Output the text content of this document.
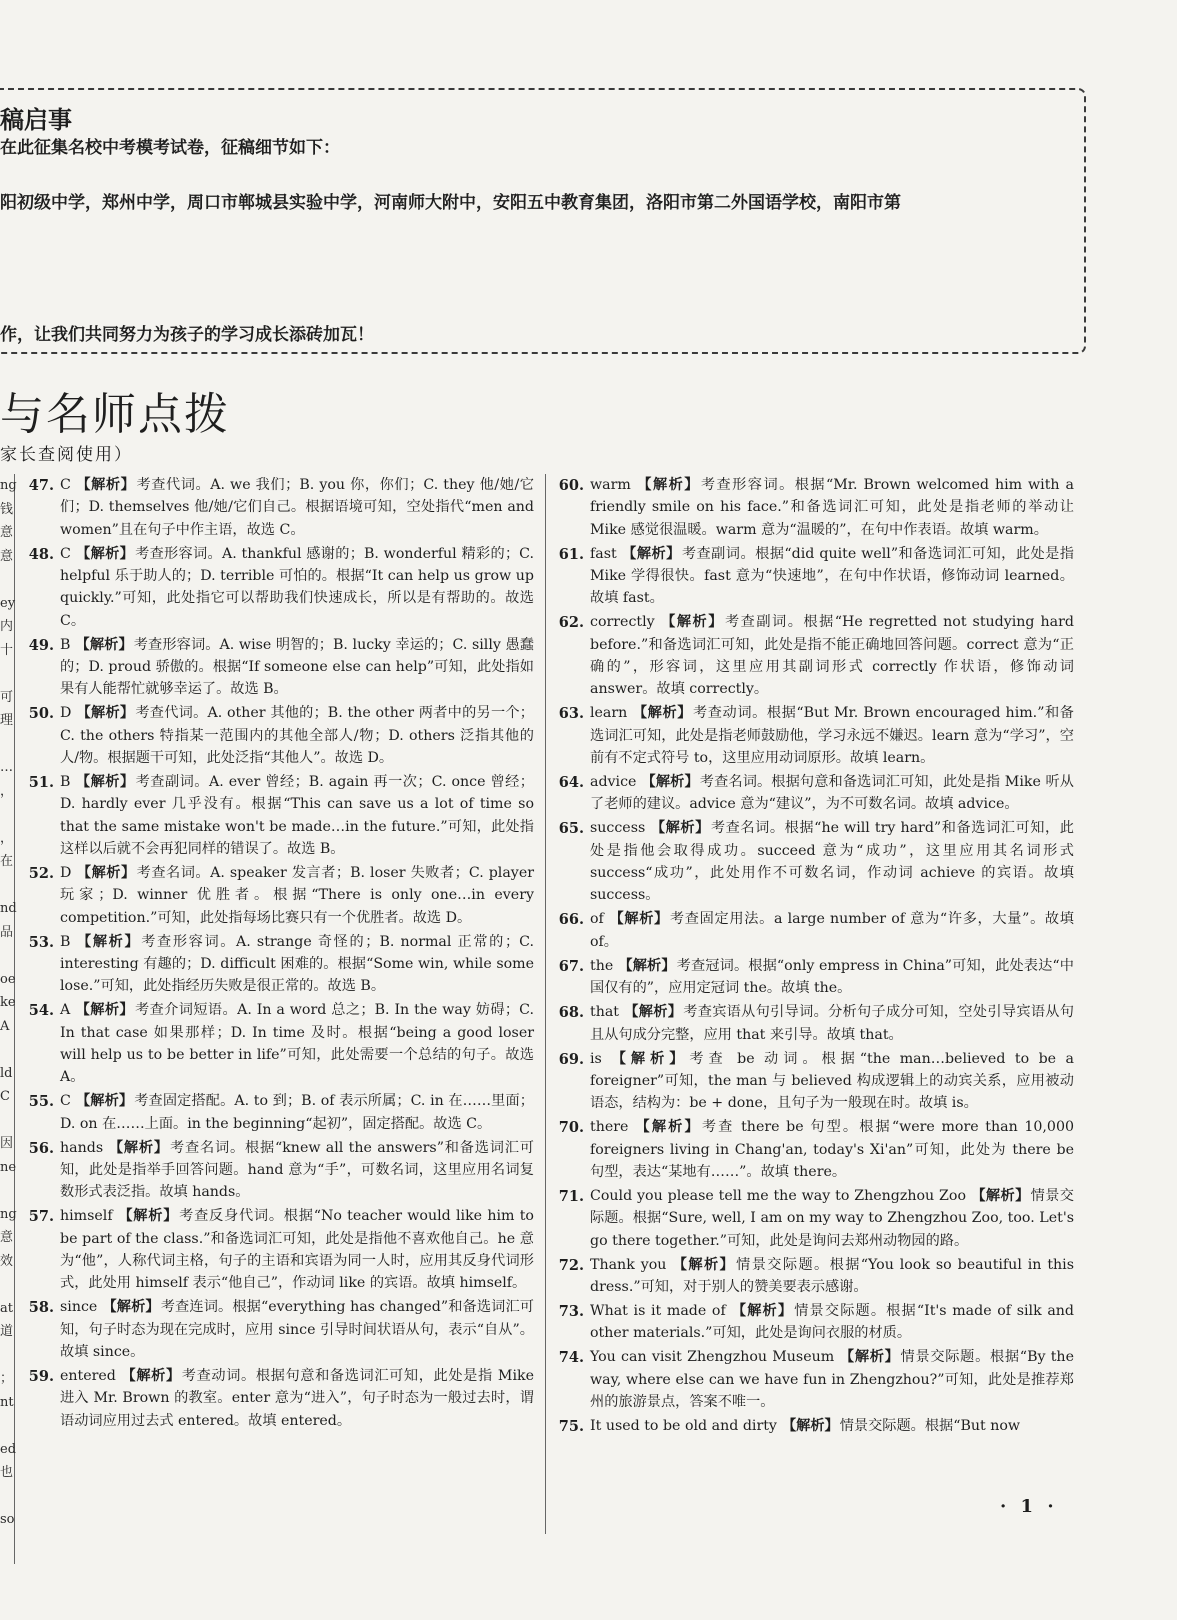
稿启事
在此征集名校中考模考试卷，征稿细节如下：
阳初级中学，郑州中学，周口市郸城县实验中学，河南师大附中，安阳五中教育集团，洛阳市第二外国语学校，南阳市第
作，让我们共同努力为孩子的学习成长添砖加瓦！
与名师点拨
家长查阅使用）
ng
钱
意
意
ey
内
十
可
理
…
，
，
在
nd
品
oe
ke
A
ld
C
因
ne
ng
意
效
at
道
；
nt
ed
也
so
47. C 【解析】考查代词。A. we 我们；B. you 你，你们；C. they 他/她/它们；D. themselves 他/她/它们自己。根据语境可知，空处指代“men and women”且在句子中作主语，故选 C。
48. C 【解析】考查形容词。A. thankful 感谢的；B. wonderful 精彩的；C. helpful 乐于助人的；D. terrible 可怕的。根据“It can help us grow up quickly.”可知，此处指它可以帮助我们快速成长，所以是有帮助的。故选 C。
49. B 【解析】考查形容词。A. wise 明智的；B. lucky 幸运的；C. silly 愚蠢的；D. proud 骄傲的。根据“If someone else can help”可知，此处指如果有人能帮忙就够幸运了。故选 B。
50. D 【解析】考查代词。A. other 其他的；B. the other 两者中的另一个；C. the others 特指某一范围内的其他全部人/物；D. others 泛指其他的人/物。根据题干可知，此处泛指“其他人”。故选 D。
51. B 【解析】考查副词。A. ever 曾经；B. again 再一次；C. once 曾经；D. hardly ever 几乎没有。根据“This can save us a lot of time so that the same mistake won't be made…in the future.”可知，此处指这样以后就不会再犯同样的错误了。故选 B。
52. D 【解析】考查名词。A. speaker 发言者；B. loser 失败者；C. player 玩家；D. winner 优胜者。根据“There is only one…in every competition.”可知，此处指每场比赛只有一个优胜者。故选 D。
53. B 【解析】考查形容词。A. strange 奇怪的；B. normal 正常的；C. interesting 有趣的；D. difficult 困难的。根据“Some win, while some lose.”可知，此处指经历失败是很正常的。故选 B。
54. A 【解析】考查介词短语。A. In a word 总之；B. In the way 妨碍；C. In that case 如果那样；D. In time 及时。根据“being a good loser will help us to be better in life”可知，此处需要一个总结的句子。故选 A。
55. C 【解析】考查固定搭配。A. to 到；B. of 表示所属；C. in 在……里面；D. on 在……上面。in the beginning“起初”，固定搭配。故选 C。
56. hands 【解析】考查名词。根据“knew all the answers”和备选词汇可知，此处是指举手回答问题。hand 意为“手”，可数名词，这里应用名词复数形式表泛指。故填 hands。
57. himself 【解析】考查反身代词。根据“No teacher would like him to be part of the class.”和备选词汇可知，此处是指他不喜欢他自己。he 意为“他”，人称代词主格，句子的主语和宾语为同一人时，应用其反身代词形式，此处用 himself 表示“他自己”，作动词 like 的宾语。故填 himself。
58. since 【解析】考查连词。根据“everything has changed”和备选词汇可知，句子时态为现在完成时，应用 since 引导时间状语从句，表示“自从”。故填 since。
59. entered 【解析】考查动词。根据句意和备选词汇可知，此处是指 Mike 进入 Mr. Brown 的教室。enter 意为“进入”，句子时态为一般过去时，谓语动词应用过去式 entered。故填 entered。
60. warm 【解析】考查形容词。根据“Mr. Brown welcomed him with a friendly smile on his face.”和备选词汇可知，此处是指老师的举动让 Mike 感觉很温暖。warm 意为“温暖的”，在句中作表语。故填 warm。
61. fast 【解析】考查副词。根据“did quite well”和备选词汇可知，此处是指 Mike 学得很快。fast 意为“快速地”，在句中作状语，修饰动词 learned。故填 fast。
62. correctly 【解析】考查副词。根据“He regretted not studying hard before.”和备选词汇可知，此处是指不能正确地回答问题。correct 意为“正确的”，形容词，这里应用其副词形式 correctly 作状语，修饰动词 answer。故填 correctly。
63. learn 【解析】考查动词。根据“But Mr. Brown encouraged him.”和备选词汇可知，此处是指老师鼓励他，学习永远不嫌迟。learn 意为“学习”，空前有不定式符号 to，这里应用动词原形。故填 learn。
64. advice 【解析】考查名词。根据句意和备选词汇可知，此处是指 Mike 听从了老师的建议。advice 意为“建议”，为不可数名词。故填 advice。
65. success 【解析】考查名词。根据“he will try hard”和备选词汇可知，此处是指他会取得成功。succeed 意为“成功”，这里应用其名词形式 success“成功”，此处用作不可数名词，作动词 achieve 的宾语。故填 success。
66. of 【解析】考查固定用法。a large number of 意为“许多，大量”。故填 of。
67. the 【解析】考查冠词。根据“only empress in China”可知，此处表达“中国仅有的”，应用定冠词 the。故填 the。
68. that 【解析】考查宾语从句引导词。分析句子成分可知，空处引导宾语从句且从句成分完整，应用 that 来引导。故填 that。
69. is 【解析】考查 be 动词。根据“the man…believed to be a foreigner”可知，the man 与 believed 构成逻辑上的动宾关系，应用被动语态，结构为：be + done，且句子为一般现在时。故填 is。
70. there 【解析】考查 there be 句型。根据“were more than 10,000 foreigners living in Chang'an, today's Xi'an”可知，此处为 there be 句型，表达“某地有……”。故填 there。
71. Could you please tell me the way to Zhengzhou Zoo 【解析】情景交际题。根据“Sure, well, I am on my way to Zhengzhou Zoo, too. Let's go there together.”可知，此处是询问去郑州动物园的路。
72. Thank you 【解析】情景交际题。根据“You look so beautiful in this dress.”可知，对于别人的赞美要表示感谢。
73. What is it made of 【解析】情景交际题。根据“It's made of silk and other materials.”可知，此处是询问衣服的材质。
74. You can visit Zhengzhou Museum 【解析】情景交际题。根据“By the way, where else can we have fun in Zhengzhou?”可知，此处是推荐郑州的旅游景点，答案不唯一。
75. It used to be old and dirty 【解析】情景交际题。根据“But now
· 1 ·
